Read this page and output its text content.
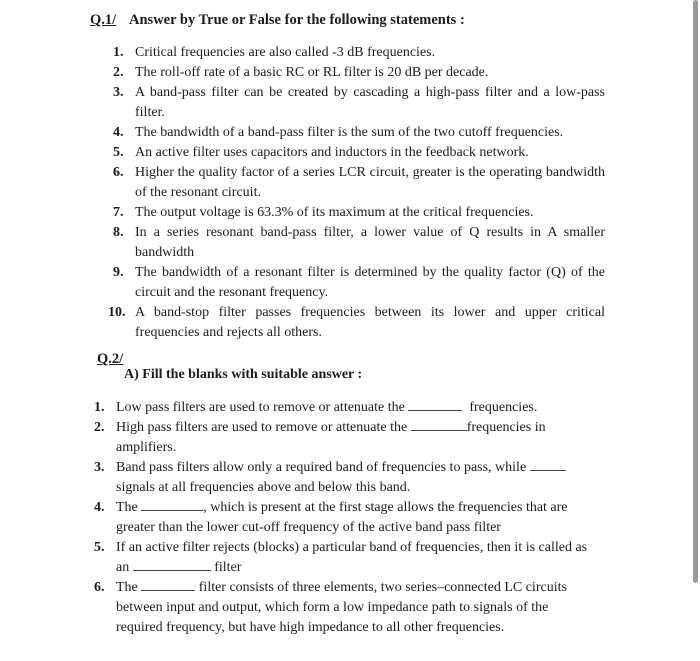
Q.1/ Answer by True or False for the following statements :
1. Critical frequencies are also called -3 dB frequencies.
2. The roll-off rate of a basic RC or RL filter is 20 dB per decade.
3. A band-pass filter can be created by cascading a high-pass filter and a low-pass filter.
4. The bandwidth of a band-pass filter is the sum of the two cutoff frequencies.
5. An active filter uses capacitors and inductors in the feedback network.
6. Higher the quality factor of a series LCR circuit, greater is the operating bandwidth of the resonant circuit.
7. The output voltage is 63.3% of its maximum at the critical frequencies.
8. In a series resonant band-pass filter, a lower value of Q results in A smaller bandwidth
9. The bandwidth of a resonant filter is determined by the quality factor (Q) of the circuit and the resonant frequency.
10. A band-stop filter passes frequencies between its lower and upper critical frequencies and rejects all others.
Q.2/
A) Fill the blanks with suitable answer :
1. Low pass filters are used to remove or attenuate the	frequencies.
2. High pass filters are used to remove or attenuate the	frequencies in amplifiers.
3. Band pass filters allow only a required band of frequencies to pass, while  signals at all frequencies above and below this band.
4. The	, which is present at the first stage allows the frequencies that are greater than the lower cut-off frequency of the active band pass filter
5. If an active filter rejects (blocks) a particular band of frequencies, then it is called as an	filter
6. The	filter consists of three elements, two series–connected LC circuits between input and output, which form a low impedance path to signals of the required frequency, but have high impedance to all other frequencies.
